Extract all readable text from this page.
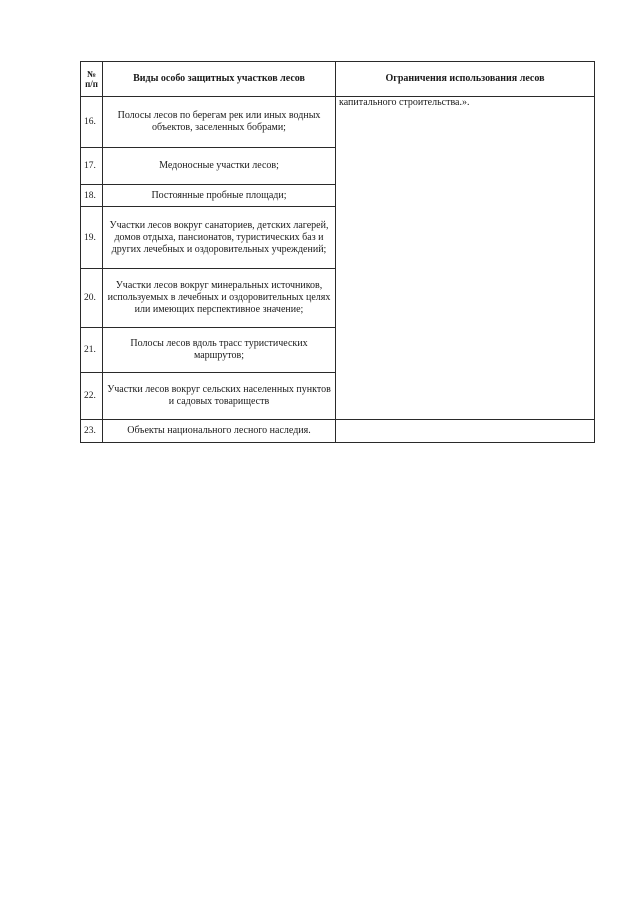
№ п/п	Виды особо защитных участков лесов	Ограничения использования лесов
16.	Полосы лесов по берегам рек или иных водных объектов, заселенных бобрами;	капитального строительства.».
17.	Медоносные участки лесов;	
18.	Постоянные пробные площади;	
19.	Участки лесов вокруг санаториев, детских лагерей, домов отдыха, пансионатов, туристических баз и других лечебных и оздоровительных учреждений;	
20.	Участки лесов вокруг минеральных источников, используемых в лечебных и оздоровительных целях или имеющих перспективное значение;	
21.	Полосы лесов вдоль трасс туристических маршрутов;	
22.	Участки лесов вокруг сельских населенных пунктов и садовых товариществ	
23.	Объекты национального лесного наследия.	
